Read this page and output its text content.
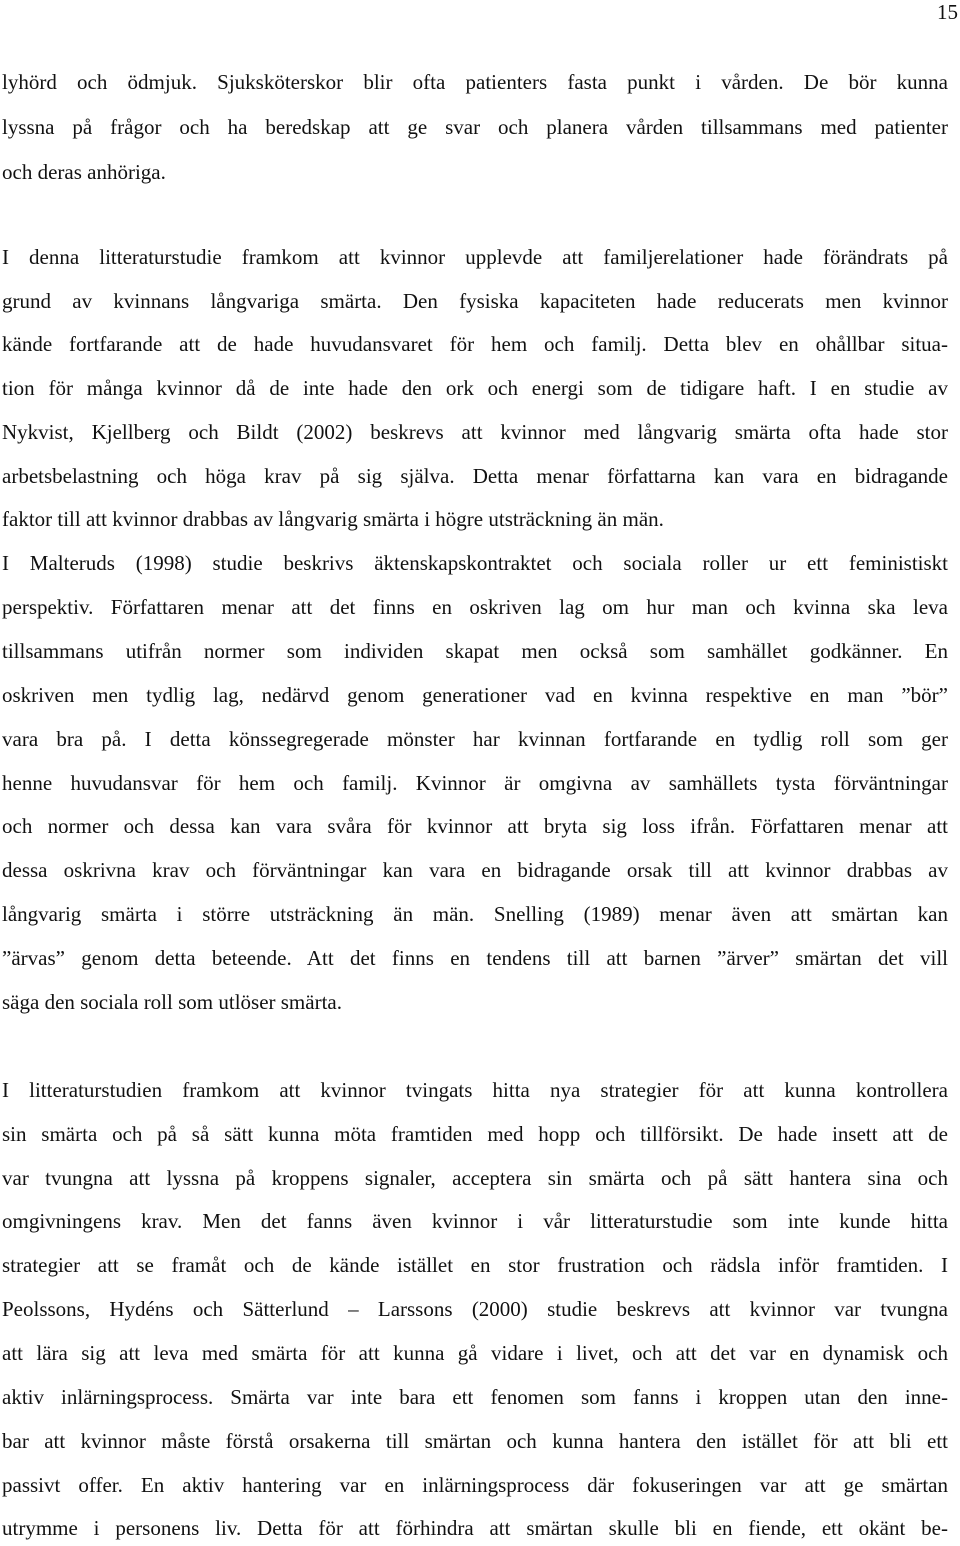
15
lyhörd och ödmjuk. Sjuksköterskor blir ofta patienters fasta punkt i vården. De bör kunna
lyssna på frågor och ha beredskap att ge svar och planera vården tillsammans med patienter
och deras anhöriga.
I denna litteraturstudie framkom att kvinnor upplevde att familjerelationer hade förändrats på
grund av kvinnans långvariga smärta. Den fysiska kapaciteten hade reducerats men kvinnor
kände fortfarande att de hade huvudansvaret för hem och familj. Detta blev en ohållbar situa-
tion för många kvinnor då de inte hade den ork och energi som de tidigare haft. I en studie av
Nykvist, Kjellberg och Bildt (2002) beskrevs att kvinnor med långvarig smärta ofta hade stor
arbetsbelastning och höga krav på sig själva. Detta menar författarna kan vara en bidragande
faktor till att kvinnor drabbas av långvarig smärta i högre utsträckning än män.
I Malteruds (1998) studie beskrivs äktenskapskontraktet och sociala roller ur ett feministiskt
perspektiv. Författaren menar att det finns en oskriven lag om hur man och kvinna ska leva
tillsammans utifrån normer som individen skapat men också som samhället godkänner. En
oskriven men tydlig lag, nedärvd genom generationer vad en kvinna respektive en man ”bör”
vara bra på. I detta könssegregerade mönster har kvinnan fortfarande en tydlig roll som ger
henne huvudansvar för hem och familj. Kvinnor är omgivna av samhällets tysta förväntningar
och normer och dessa kan vara svåra för kvinnor att bryta sig loss ifrån. Författaren menar att
dessa oskrivna krav och förväntningar kan vara en bidragande orsak till att kvinnor drabbas av
långvarig smärta i större utsträckning än män. Snelling (1989) menar även att smärtan kan
”ärvas” genom detta beteende. Att det finns en tendens till att barnen ”ärver” smärtan det vill
säga den sociala roll som utlöser smärta.
I litteraturstudien framkom att kvinnor tvingats hitta nya strategier för att kunna kontrollera
sin smärta och på så sätt kunna möta framtiden med hopp och tillförsikt. De hade insett att de
var tvungna att lyssna på kroppens signaler, acceptera sin smärta och på sätt hantera sina och
omgivningens krav. Men det fanns även kvinnor i vår litteraturstudie som inte kunde hitta
strategier att se framåt och de kände istället en stor frustration och rädsla inför framtiden. I
Peolssons, Hydéns och Sätterlund – Larssons (2000) studie beskrevs att kvinnor var tvungna
att lära sig att leva med smärta för att kunna gå vidare i livet, och att det var en dynamisk och
aktiv inlärningsprocess. Smärta var inte bara ett fenomen som fanns i kroppen utan den inne-
bar att kvinnor måste förstå orsakerna till smärtan och kunna hantera den istället för att bli ett
passivt offer. En aktiv hantering var en inlärningsprocess där fokuseringen var att ge smärtan
utrymme i personens liv. Detta för att förhindra att smärtan skulle bli en fiende, ett okänt be-
